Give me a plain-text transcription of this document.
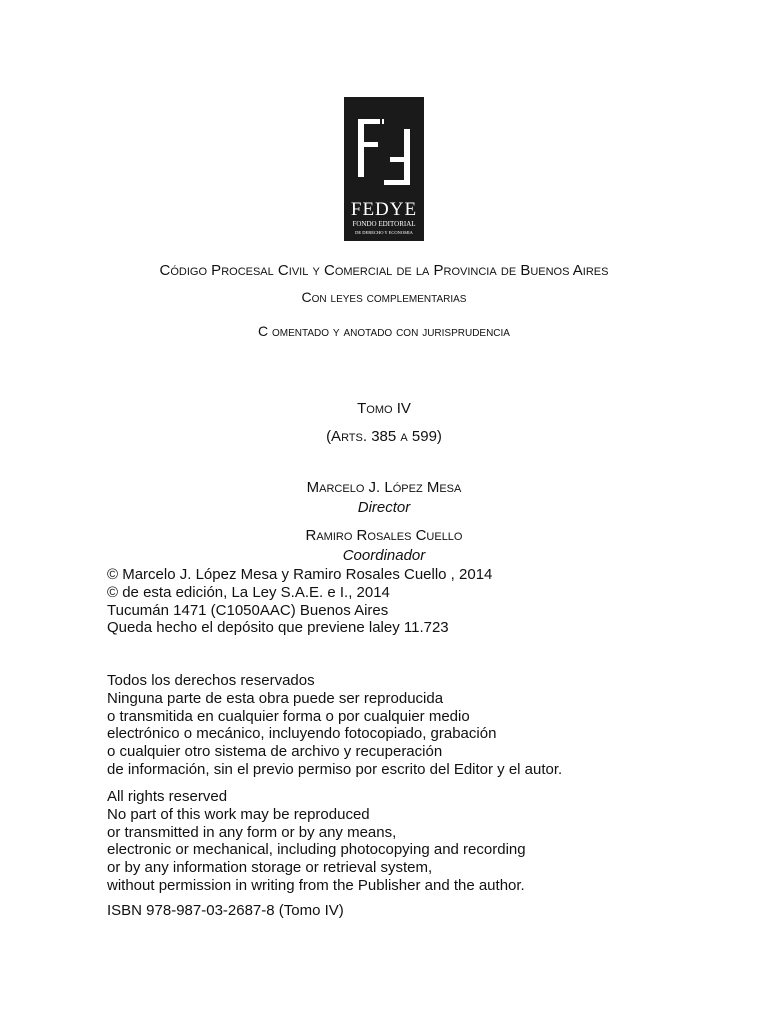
FEDYE
FONDO EDITORIAL
DE DERECHO Y ECONOMIA
Código Procesal Civil y Comercial de la Provincia de Buenos Aires
Con leyes complementarias
C omentado y anotado con jurisprudencia
Tomo IV
(Arts. 385 a 599)
Marcelo J. López Mesa
Director
Ramiro Rosales Cuello
Coordinador
© Marcelo J. López Mesa y Ramiro Rosales Cuello , 2014
© de esta edición, La Ley S.A.E. e I., 2014
Tucumán 1471 (C1050AAC) Buenos Aires
Queda hecho el depósito que previene laley 11.723
Todos los derechos reservados
Ninguna parte de esta obra puede ser reproducida
o transmitida en cualquier forma o por cualquier medio
electrónico o mecánico, incluyendo fotocopiado, grabación
o cualquier otro sistema de archivo y recuperación
de información, sin el previo permiso por escrito del Editor y el autor.
All rights reserved
No part of this work may be reproduced
or transmitted in any form or by any means,
electronic or mechanical, including photocopying and recording
or by any information storage or retrieval system,
without permission in writing from the Publisher and the author.
ISBN 978-987-03-2687-8 (Tomo IV)
